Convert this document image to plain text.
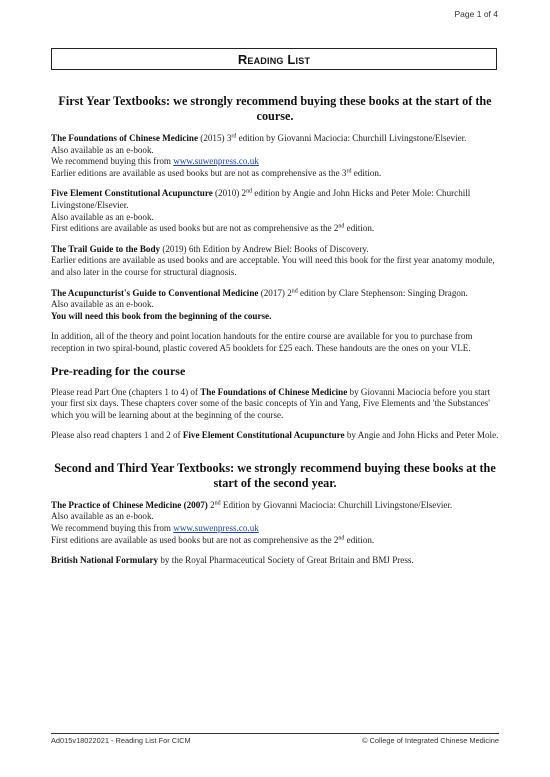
Page 1 of 4
Reading List
First Year Textbooks: we strongly recommend buying these books at the start of the course.

The Foundations of Chinese Medicine (2015) 3rd edition by Giovanni Maciocia: Churchill Livingstone/Elsevier.
Also available as an e-book.
We recommend buying this from www.suwenpress.co.uk
Earlier editions are available as used books but are not as comprehensive as the 3rd edition.

Five Element Constitutional Acupuncture (2010) 2nd edition by Angie and John Hicks and Peter Mole: Churchill Livingstone/Elsevier.
Also available as an e-book.
First editions are available as used books but are not as comprehensive as the 2nd edition.

The Trail Guide to the Body (2019) 6th Edition by Andrew Biel: Books of Discovery.
Earlier editions are available as used books and are acceptable. You will need this book for the first year anatomy module, and also later in the course for structural diagnosis.

The Acupuncturist's Guide to Conventional Medicine (2017) 2nd edition by Clare Stephenson: Singing Dragon.
Also available as an e-book.
You will need this book from the beginning of the course.

In addition, all of the theory and point location handouts for the entire course are available for you to purchase from reception in two spiral-bound, plastic covered A5 booklets for £25 each. These handouts are the ones on your VLE.

Pre-reading for the course

Please read Part One (chapters 1 to 4) of The Foundations of Chinese Medicine by Giovanni Maciocia before you start your first six days. These chapters cover some of the basic concepts of Yin and Yang, Five Elements and 'the Substances' which you will be learning about at the beginning of the course.

Please also read chapters 1 and 2 of Five Element Constitutional Acupuncture by Angie and John Hicks and Peter Mole.

Second and Third Year Textbooks: we strongly recommend buying these books at the start of the second year.

The Practice of Chinese Medicine (2007) 2nd Edition by Giovanni Maciocia: Churchill Livingstone/Elsevier.
Also available as an e-book.
We recommend buying this from www.suwenpress.co.uk
First editions are available as used books but are not as comprehensive as the 2nd edition.

British National Formulary by the Royal Pharmaceutical Society of Great Britain and BMJ Press.

Ad015v18022021 - Reading List For CICM	© College of Integrated Chinese Medicine
